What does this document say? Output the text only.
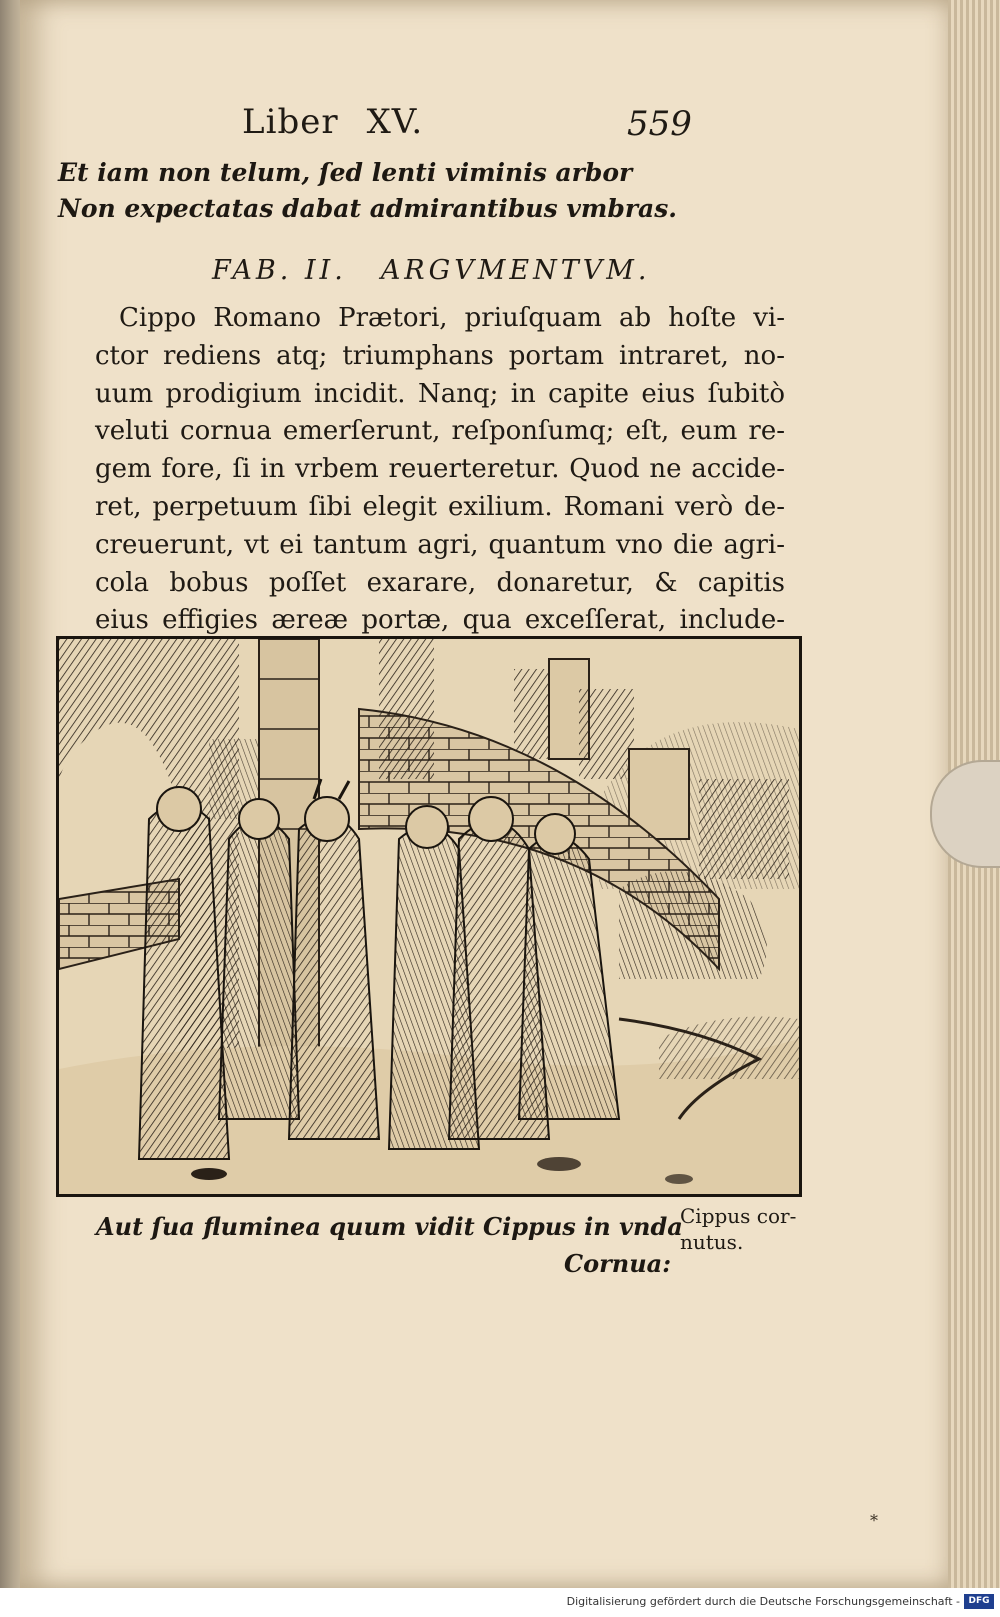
Liber XV.	559
Et iam non telum, ſed lenti viminis arbor
Non expectatas dabat admirantibus vmbras.
FAB. II. ARGVMENTVM.
Cippo Romano Prætori, priuſquam ab hoſte vi-
ctor rediens atq; triumphans portam intraret, no-
uum prodigium incidit. Nanq; in capite eius ſubitò
veluti cornua emerſerunt, reſponſumq; eſt, eum re-
gem fore, ſi in vrbem reuerteretur. Quod ne accide-
ret, perpetuum ſibi elegit exilium. Romani verò de-
creuerunt, vt ei tantum agri, quantum vno die agri-
cola bobus poſſet exarare, donaretur, & capitis
eius effigies æreæ portæ, qua exceſſerat, include-
Aut ſua fluminea quum vidit Cippus in vnda
Cornua:
Cippus cor-
nutus.
*
Digitalisierung gefördert durch die Deutsche Forschungsgemeinschaft - DFG
